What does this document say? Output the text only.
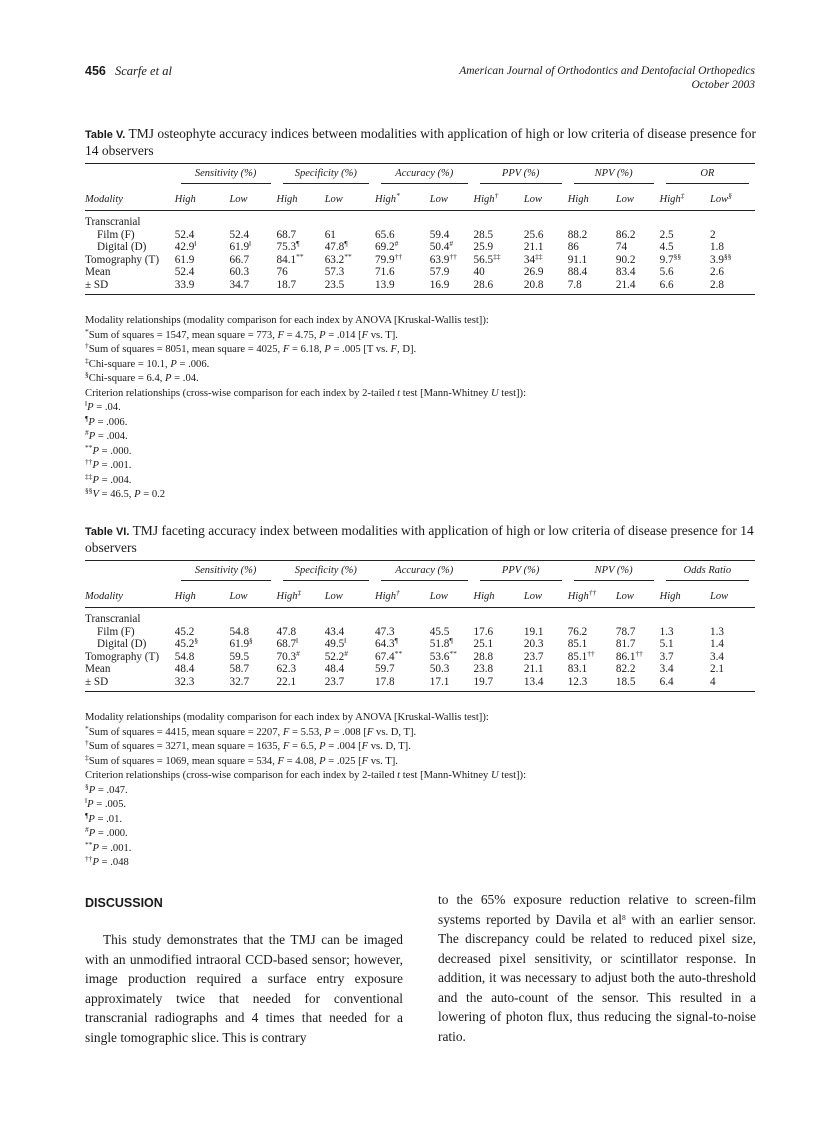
456 Scarfe et al	American Journal of Orthodontics and Dentofacial Orthopedics
October 2003
Table V. TMJ osteophyte accuracy indices between modalities with application of high or low criteria of disease presence for 14 observers

	Sensitivity (%)		Specificity (%)		Accuracy (%)		PPV (%)		NPV (%)		OR	

Modality	High	Low	High	Low	High*	Low	High†	Low	High	Low	High‡	Low§
Transcranial												
Film (F)	52.4	52.4	68.7	61	65.6	59.4	28.5	25.6	88.2	86.2	2.5	2
Digital (D)	42.9‖	61.9‖	75.3¶	47.8¶	69.2#	50.4#	25.9	21.1	86	74	4.5	1.8
Tomography (T)	61.9	66.7	84.1**	63.2**	79.9††	63.9††	56.5‡‡	34‡‡	91.1	90.2	9.7§§	3.9§§
Mean	52.4	60.3	76	57.3	71.6	57.9	40	26.9	88.4	83.4	5.6	2.6
± SD	33.9	34.7	18.7	23.5	13.9	16.9	28.6	20.8	7.8	21.4	6.6	2.8
Modality relationships (modality comparison for each index by ANOVA [Kruskal-Wallis test]):
*Sum of squares = 1547, mean square = 773, F = 4.75, P = .014 [F vs. T].
†Sum of squares = 8051, mean square = 4025, F = 6.18, P = .005 [T vs. F, D].
‡Chi-square = 10.1, P = .006.
§Chi-square = 6.4, P = .04.
Criterion relationships (cross-wise comparison for each index by 2-tailed t test [Mann-Whitney U test]):
‖P = .04.
¶P = .006.
#P = .004.
**P = .000.
††P = .001.
‡‡P = .004.
§§V = 46.5, P = 0.2
Table VI. TMJ faceting accuracy index between modalities with application of high or low criteria of disease presence for 14 observers

	Sensitivity (%)		Specificity (%)		Accuracy (%)		PPV (%)		NPV (%)		Odds Ratio	

Modality	High	Low	High‡	Low	High†	Low	High	Low	High††	Low	High	Low
Transcranial												
Film (F)	45.2	54.8	47.8	43.4	47.3	45.5	17.6	19.1	76.2	78.7	1.3	1.3
Digital (D)	45.2§	61.9§	68.7‖	49.5‖	64.3¶	51.8¶	25.1	20.3	85.1	81.7	5.1	1.4
Tomography (T)	54.8	59.5	70.3#	52.2#	67.4**	53.6**	28.8	23.7	85.1††	86.1††	3.7	3.4
Mean	48.4	58.7	62.3	48.4	59.7	50.3	23.8	21.1	83.1	82.2	3.4	2.1
± SD	32.3	32.7	22.1	23.7	17.8	17.1	19.7	13.4	12.3	18.5	6.4	4
Modality relationships (modality comparison for each index by ANOVA [Kruskal-Wallis test]):
*Sum of squares = 4415, mean square = 2207, F = 5.53, P = .008 [F vs. D, T].
†Sum of squares = 3271, mean square = 1635, F = 6.5, P = .004 [F vs. D, T].
‡Sum of squares = 1069, mean square = 534, F = 4.08, P = .025 [F vs. T].
Criterion relationships (cross-wise comparison for each index by 2-tailed t test [Mann-Whitney U test]):
§P = .047.
‖P = .005.
¶P = .01.
#P = .000.
**P = .001.
††P = .048
DISCUSSION

This study demonstrates that the TMJ can be imaged with an unmodified intraoral CCD-based sensor; however, image production required a surface entry exposure approximately twice that needed for conventional transcranial radiographs and 4 times that needed for a single tomographic slice. This is contrary

to the 65% exposure reduction relative to screen-film systems reported by Davila et $al^8$ with an earlier sensor. The discrepancy could be related to reduced pixel size, decreased pixel sensitivity, or scintillator response. In addition, it was necessary to adjust both the auto-threshold and the auto-count of the sensor. This resulted in a lowering of photon flux, thus reducing the signal-to-noise ratio.
